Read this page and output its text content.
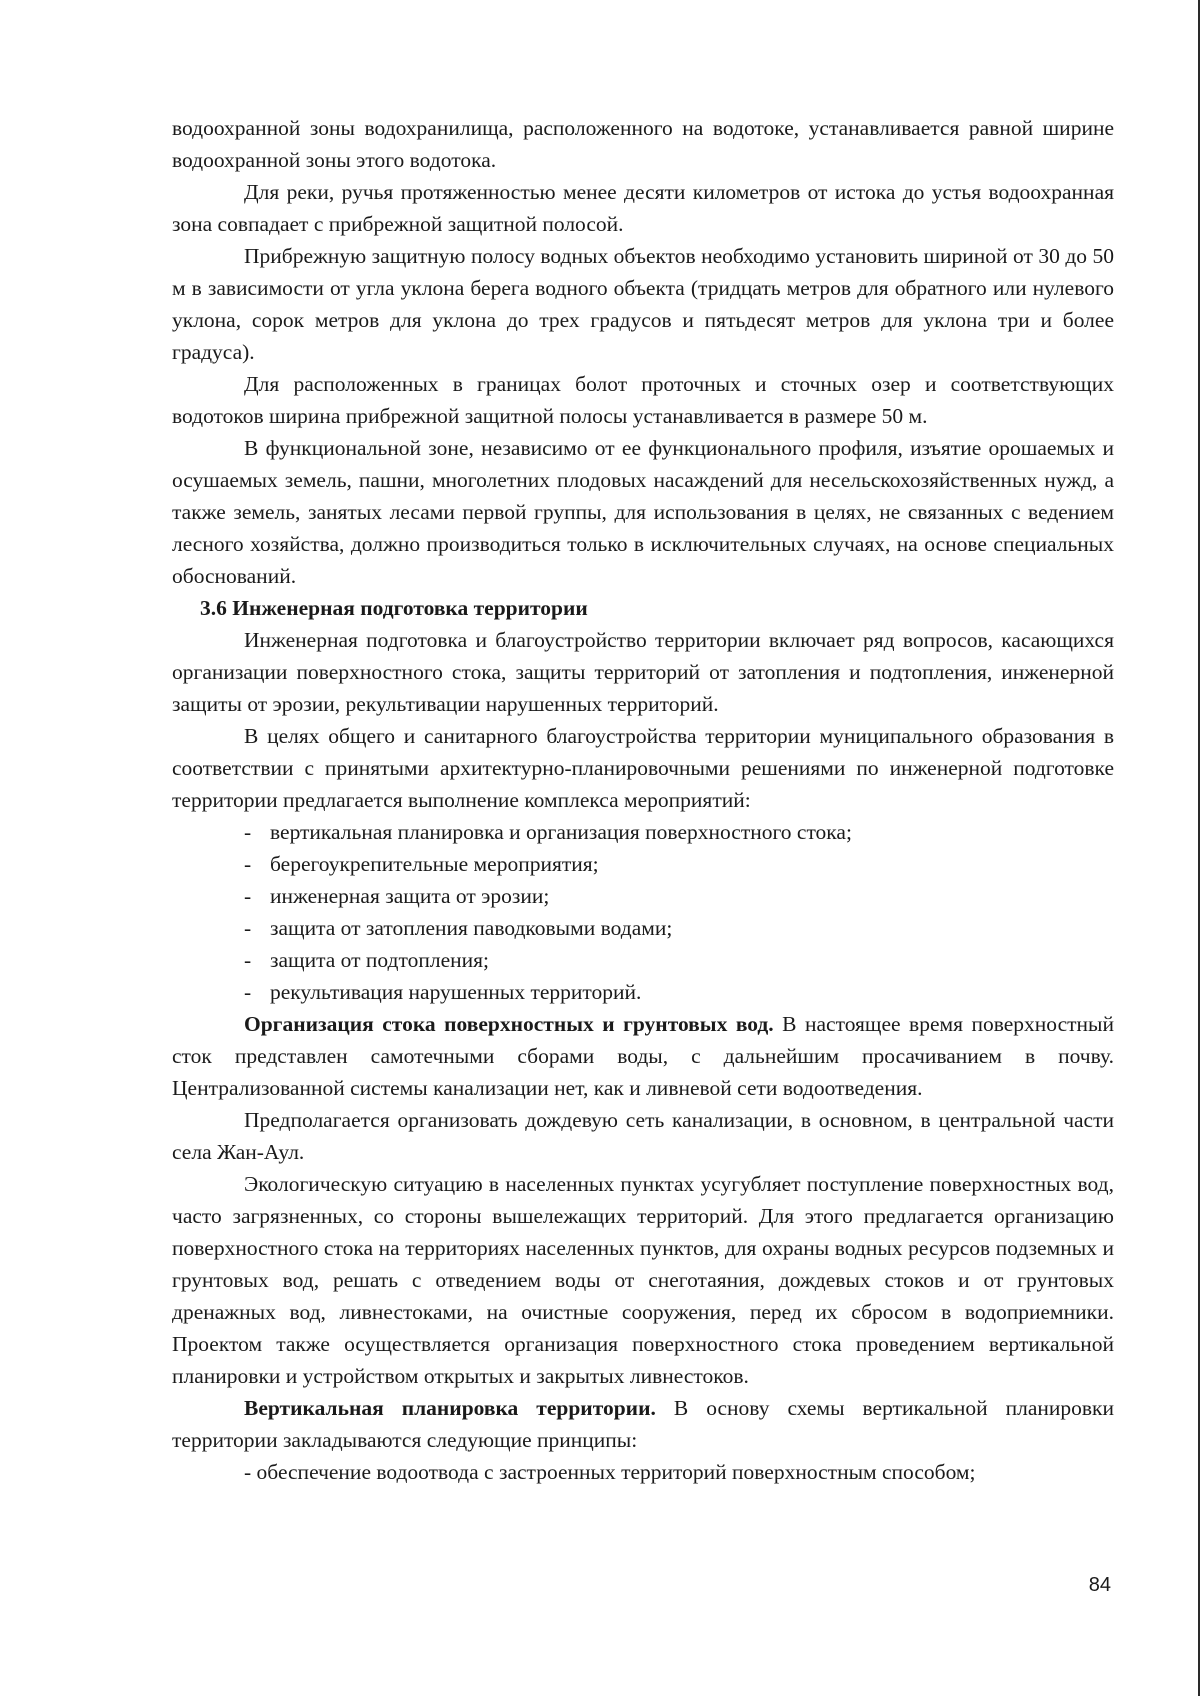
водоохранной зоны водохранилища, расположенного на водотоке, устанавливается равной ширине водоохранной зоны этого водотока.

Для реки, ручья протяженностью менее десяти километров от истока до устья водоохранная зона совпадает с прибрежной защитной полосой.

Прибрежную защитную полосу водных объектов необходимо установить шириной от 30 до 50 м в зависимости от угла уклона берега водного объекта (тридцать метров для обратного или нулевого уклона, сорок метров для уклона до трех градусов и пятьдесят метров для уклона три и более градуса).

Для расположенных в границах болот проточных и сточных озер и соответствующих водотоков ширина прибрежной защитной полосы устанавливается в размере 50 м.

В функциональной зоне, независимо от ее функционального профиля, изъятие орошаемых и осушаемых земель, пашни, многолетних плодовых насаждений для несельскохозяйственных нужд, а также земель, занятых лесами первой группы, для использования в целях, не связанных с ведением лесного хозяйства, должно производиться только в исключительных случаях, на основе специальных обоснований.

3.6 Инженерная подготовка территории

Инженерная подготовка и благоустройство территории включает ряд вопросов, касающихся организации поверхностного стока, защиты территорий от затопления и подтопления, инженерной защиты от эрозии, рекультивации нарушенных территорий.

В целях общего и санитарного благоустройства территории муниципального образования в соответствии с принятыми архитектурно-планировочными решениями по инженерной подготовке территории предлагается выполнение комплекса мероприятий:

- вертикальная планировка и организация поверхностного стока;
- берегоукрепительные мероприятия;
- инженерная защита от эрозии;
- защита от затопления паводковыми водами;
- защита от подтопления;
- рекультивация нарушенных территорий.

Организация стока поверхностных и грунтовых вод. В настоящее время поверхностный сток представлен самотечными сборами воды, с дальнейшим просачиванием в почву. Централизованной системы канализации нет, как и ливневой сети водоотведения.

Предполагается организовать дождевую сеть канализации, в основном, в центральной части села Жан-Аул.

Экологическую ситуацию в населенных пунктах усугубляет поступление поверхностных вод, часто загрязненных, со стороны вышележащих территорий. Для этого предлагается организацию поверхностного стока на территориях населенных пунктов, для охраны водных ресурсов подземных и грунтовых вод, решать с отведением воды от снеготаяния, дождевых стоков и от грунтовых дренажных вод, ливнестоками, на очистные сооружения, перед их сбросом в водоприемники. Проектом также осуществляется организация поверхностного стока проведением вертикальной планировки и устройством открытых и закрытых ливнестоков.

Вертикальная планировка территории. В основу схемы вертикальной планировки территории закладываются следующие принципы:

- обеспечение водоотвода с застроенных территорий поверхностным способом;

84
